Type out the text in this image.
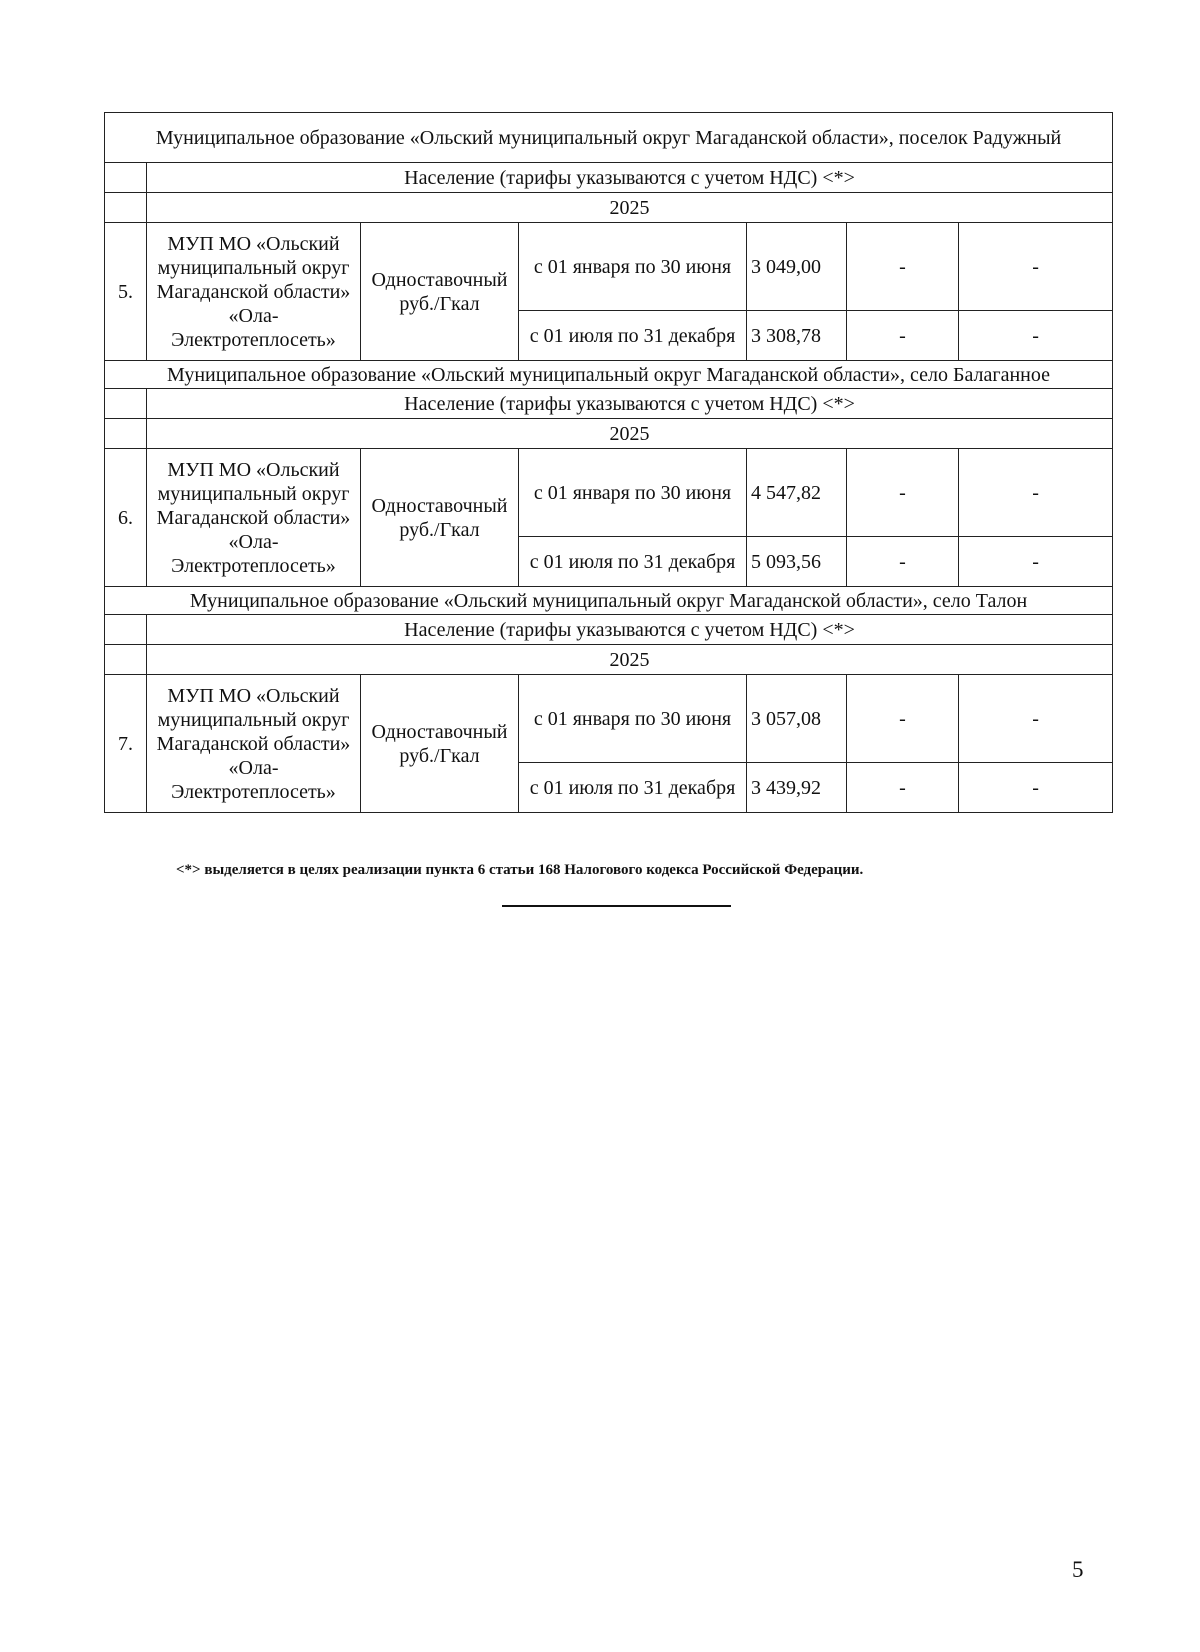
Муниципальное образование «Ольский муниципальный округ Магаданской области», поселок Радужный						
	Население (тарифы указываются с учетом НДС) <*>					
	2025					
5.	МУП МО «Ольский муниципальный округ Магаданской области» «Ола-Электротеплосеть»	Одноставочный руб./Гкал	с 01 января по 30 июня	3 049,00	-	-
			с 01 июля по 31 декабря	3 308,78	-	-
Муниципальное образование «Ольский муниципальный округ Магаданской области», село Балаганное						
	Население (тарифы указываются с учетом НДС) <*>					
	2025					
6.	МУП МО «Ольский муниципальный округ Магаданской области» «Ола-Электротеплосеть»	Одноставочный руб./Гкал	с 01 января по 30 июня	4 547,82	-	-
			с 01 июля по 31 декабря	5 093,56	-	-
Муниципальное образование «Ольский муниципальный округ Магаданской области», село Талон						
	Население (тарифы указываются с учетом НДС) <*>					
	2025					
7.	МУП МО «Ольский муниципальный округ Магаданской области» «Ола-Электротеплосеть»	Одноставочный руб./Гкал	с 01 января по 30 июня	3 057,08	-	-
			с 01 июля по 31 декабря	3 439,92	-	-
<*> выделяется в целях реализации пункта 6 статьи 168 Налогового кодекса Российской Федерации.
5
